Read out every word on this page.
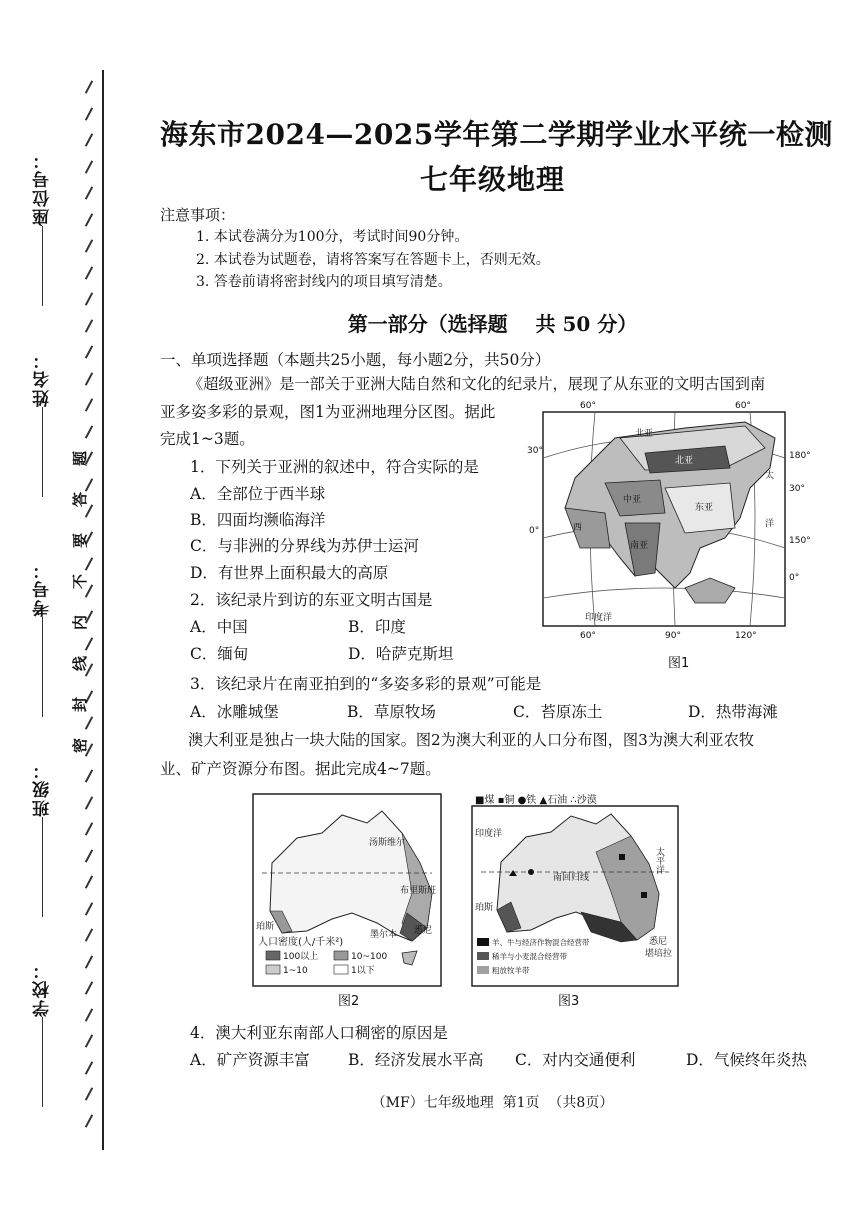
座位号：
姓名：
考号：
班级：
学校：
题
答
要
不
内
线
封
密
海东市2024—2025学年第二学期学业水平统一检测
七年级地理
注意事项：
1. 本试卷满分为100分，考试时间90分钟。
2. 本试卷为试题卷，请将答案写在答题卡上，否则无效。
3. 答卷前请将密封线内的项目填写清楚。
第一部分（选择题    共 50 分）
一、单项选择题（本题共25小题，每小题2分，共50分）
《超级亚洲》是一部关于亚洲大陆自然和文化的纪录片，展现了从东亚的文明古国到南
亚多姿多彩的景观，图1为亚洲地理分区图。据此
完成1~3题。
1．下列关于亚洲的叙述中，符合实际的是
A．全部位于西半球
B．四面均濒临海洋
C．与非洲的分界线为苏伊士运河
D．有世界上面积最大的高原
2．该纪录片到访的东亚文明古国是
A．中国	B．印度
C．缅甸	D．哈萨克斯坦
3．该纪录片在南亚拍到的“多姿多彩的景观”可能是
A．冰雕城堡	B．草原牧场	C．苔原冻土	D．热带海滩
澳大利亚是独占一块大陆的国家。图2为澳大利亚的人口分布图，图3为澳大利亚农牧
业、矿产资源分布图。据此完成4~7题。
4．澳大利亚东南部人口稠密的原因是
A．矿产资源丰富 B．经济发展水平高 C．对内交通便利	D．气候终年炎热
（MF）七年级地理  第1页  （共8页）
60°	60°
30°
0°
180°
30°
150°
0°
60°	90°	120°
北亚
北亚
中亚
东亚
南亚
西
太
洋
印度洋
图1
汤斯维尔
布里斯班
珀斯
墨尔本 悉尼
人口密度(人/千米²)
100以上	10~100
1~10	1以下
图2
■煤 ▪铜 ●铁 ▲石油 ∴沙漠
印度洋
南回归线
太平洋
珀斯
悉尼
堪培拉
羊、牛与经济作物混合经营带
稀羊与小麦混合经营带
粗放牧羊带
图3
